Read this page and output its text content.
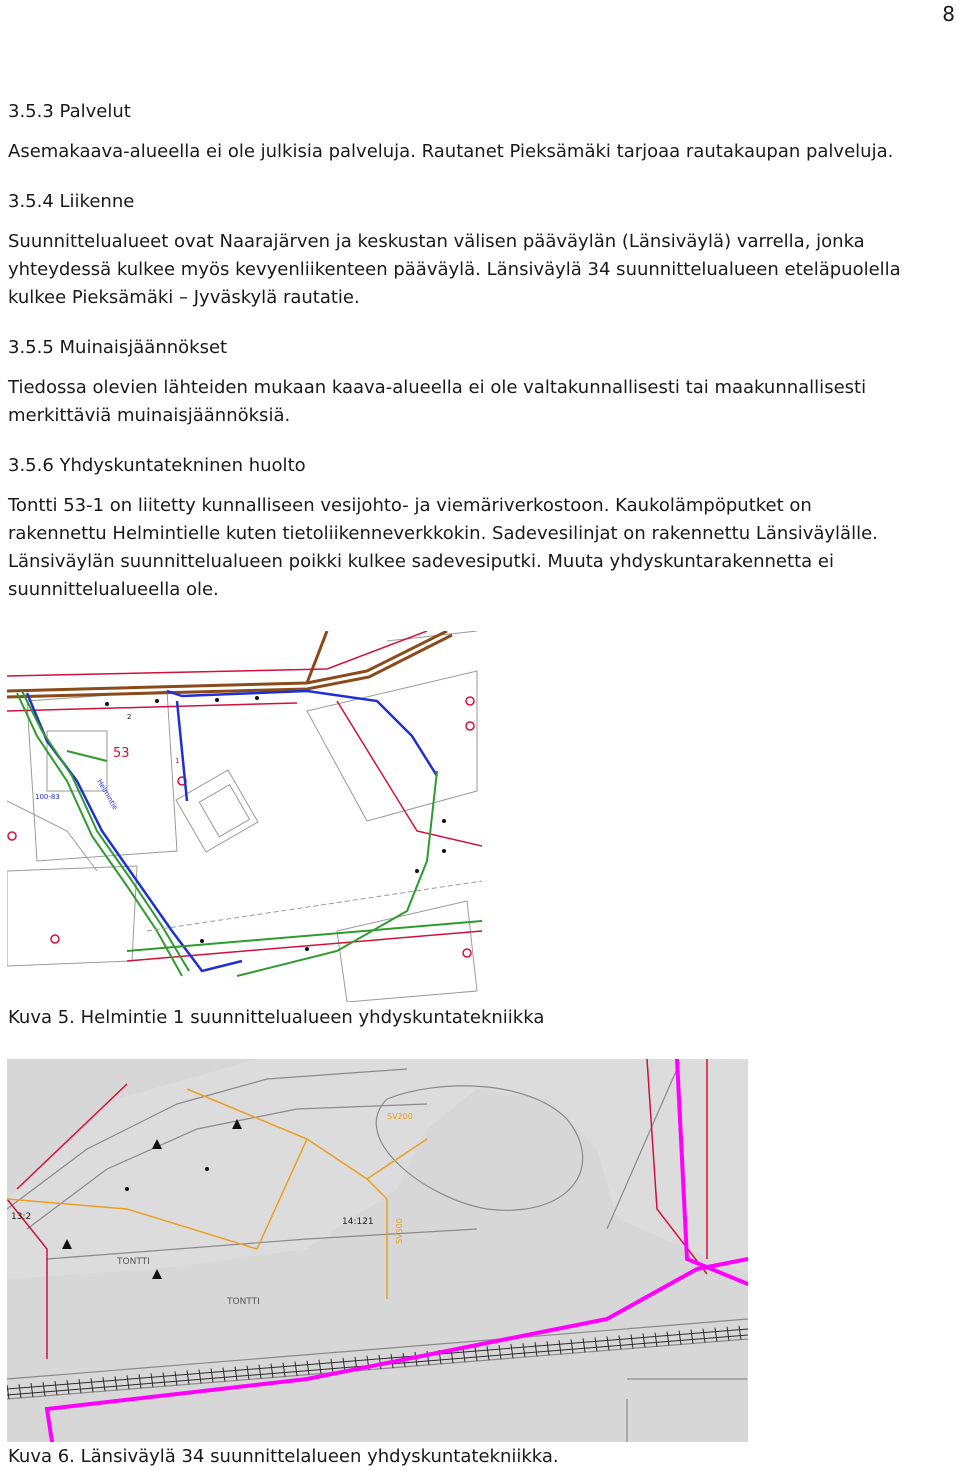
8
3.5.3 Palvelut
Asemakaava-alueella ei ole julkisia palveluja. Rautanet Pieksämäki tarjoaa rautakaupan palveluja.
3.5.4 Liikenne
Suunnittelualueet ovat Naarajärven ja keskustan välisen pääväylän (Länsiväylä) varrella, jonka
yhteydessä kulkee myös kevyenliikenteen pääväylä. Länsiväylä 34 suunnittelualueen eteläpuolella
kulkee Pieksämäki – Jyväskylä rautatie.
3.5.5 Muinaisjäännökset
Tiedossa olevien lähteiden mukaan kaava-alueella ei ole valtakunnallisesti tai maakunnallisesti
merkittäviä muinaisjäännöksiä.
3.5.6 Yhdyskuntatekninen huolto
Tontti 53-1 on liitetty kunnalliseen vesijohto- ja viemäriverkostoon. Kaukolämpöputket on
rakennettu Helmintielle kuten tietoliikenneverkkokin. Sadevesilinjat on rakennettu Länsiväylälle.
Länsiväylän suunnittelualueen poikki kulkee sadevesiputki. Muuta yhdyskuntarakennetta ei
suunnittelualueella ole.
53	1
100-83
2
Helmintie
Kuva 5. Helmintie 1 suunnittelualueen yhdyskuntatekniikka
14:121
13:2
TONTTI
TONTTI
SV200
SV300
Kuva 6. Länsiväylä 34 suunnittelalueen yhdyskuntatekniikka.
